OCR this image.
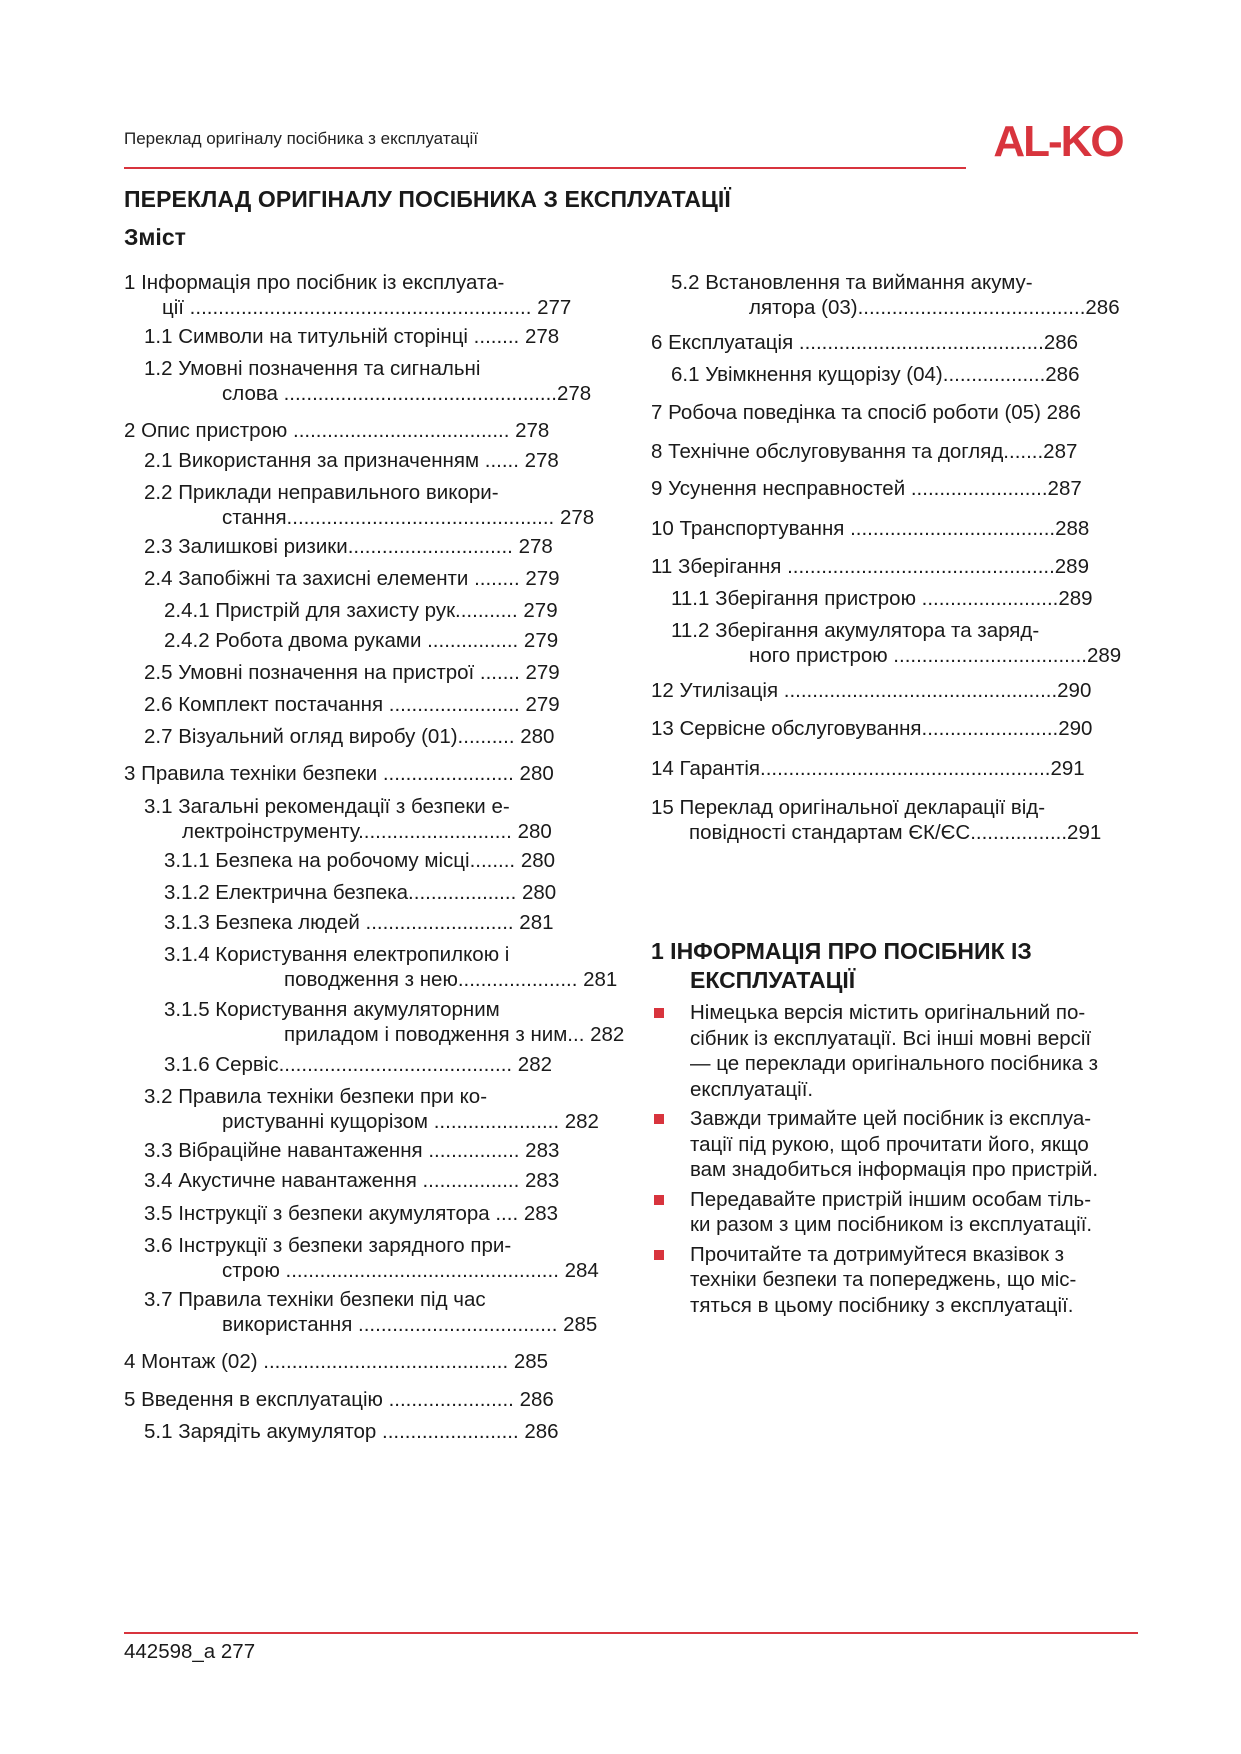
Переклад оригіналу посібника з експлуатації	AL-KO
ПЕРЕКЛАД ОРИГІНАЛУ ПОСІБНИКА З ЕКСПЛУАТАЦІЇ
Зміст
1 Інформація про посібник із експлуата-
ції ............................................................ 277
1.1 Символи на титульній сторінці ........ 278
1.2 Умовні позначення та сигнальні
слова ................................................278
2 Опис пристрою ...................................... 278
2.1 Використання за призначенням ...... 278
2.2 Приклади неправильного викори-
стання............................................... 278
2.3 Залишкові ризики............................. 278
2.4 Запобіжні та захисні елементи ........ 279
2.4.1 Пристрій для захисту рук........... 279
2.4.2 Робота двома руками ................ 279
2.5 Умовні позначення на пристрої ....... 279
2.6 Комплект постачання ....................... 279
2.7 Візуальний огляд виробу (01).......... 280
3 Правила техніки безпеки ....................... 280
3.1 Загальні рекомендації з безпеки е-
лектроінструменту........................... 280
3.1.1 Безпека на робочому місці........ 280
3.1.2 Електрична безпека................... 280
3.1.3 Безпека людей .......................... 281
3.1.4 Користування електропилкою і
поводження з нею..................... 281
3.1.5 Користування акумуляторним
приладом і поводження з ним... 282
3.1.6 Сервіс......................................... 282
3.2 Правила техніки безпеки при ко-
ристуванні кущорізом ...................... 282
3.3 Вібраційне навантаження ................ 283
3.4 Акустичне навантаження ................. 283
3.5 Інструкції з безпеки акумулятора .... 283
3.6 Інструкції з безпеки зарядного при-
строю ................................................ 284
3.7 Правила техніки безпеки під час
використання ................................... 285
4 Монтаж (02) ........................................... 285
5 Введення в експлуатацію ...................... 286
5.1 Зарядіть акумулятор ........................ 286
5.2 Встановлення та виймання акуму-
лятора (03)........................................286
6 Експлуатація ...........................................286
6.1 Увімкнення кущорізу (04)..................286
7 Робоча поведінка та спосіб роботи (05) 286
8 Технічне обслуговування та догляд.......287
9 Усунення несправностей ........................287
10 Транспортування ....................................288
11 Зберігання ...............................................289
11.1 Зберігання пристрою ........................289
11.2 Зберігання акумулятора та заряд-
ного пристрою ..................................289
12 Утилізація ................................................290
13 Сервісне обслуговування........................290
14 Гарантія...................................................291
15 Переклад оригінальної декларації від-
повідності стандартам ЄК/ЄС.................291
1 ІНФОРМАЦІЯ ПРО ПОСІБНИК ІЗ
ЕКСПЛУАТАЦІЇ
Німецька версія містить оригінальний по-
сібник із експлуатації. Всі інші мовні версії
— це переклади оригінального посібника з
експлуатації.
Завжди тримайте цей посібник із експлуа-
тації під рукою, щоб прочитати його, якщо
вам знадобиться інформація про пристрій.
Передавайте пристрій іншим особам тіль-
ки разом з цим посібником із експлуатації.
Прочитайте та дотримуйтеся вказівок з
техніки безпеки та попереджень, що міс-
тяться в цьому посібнику з експлуатації.
442598_a 277
